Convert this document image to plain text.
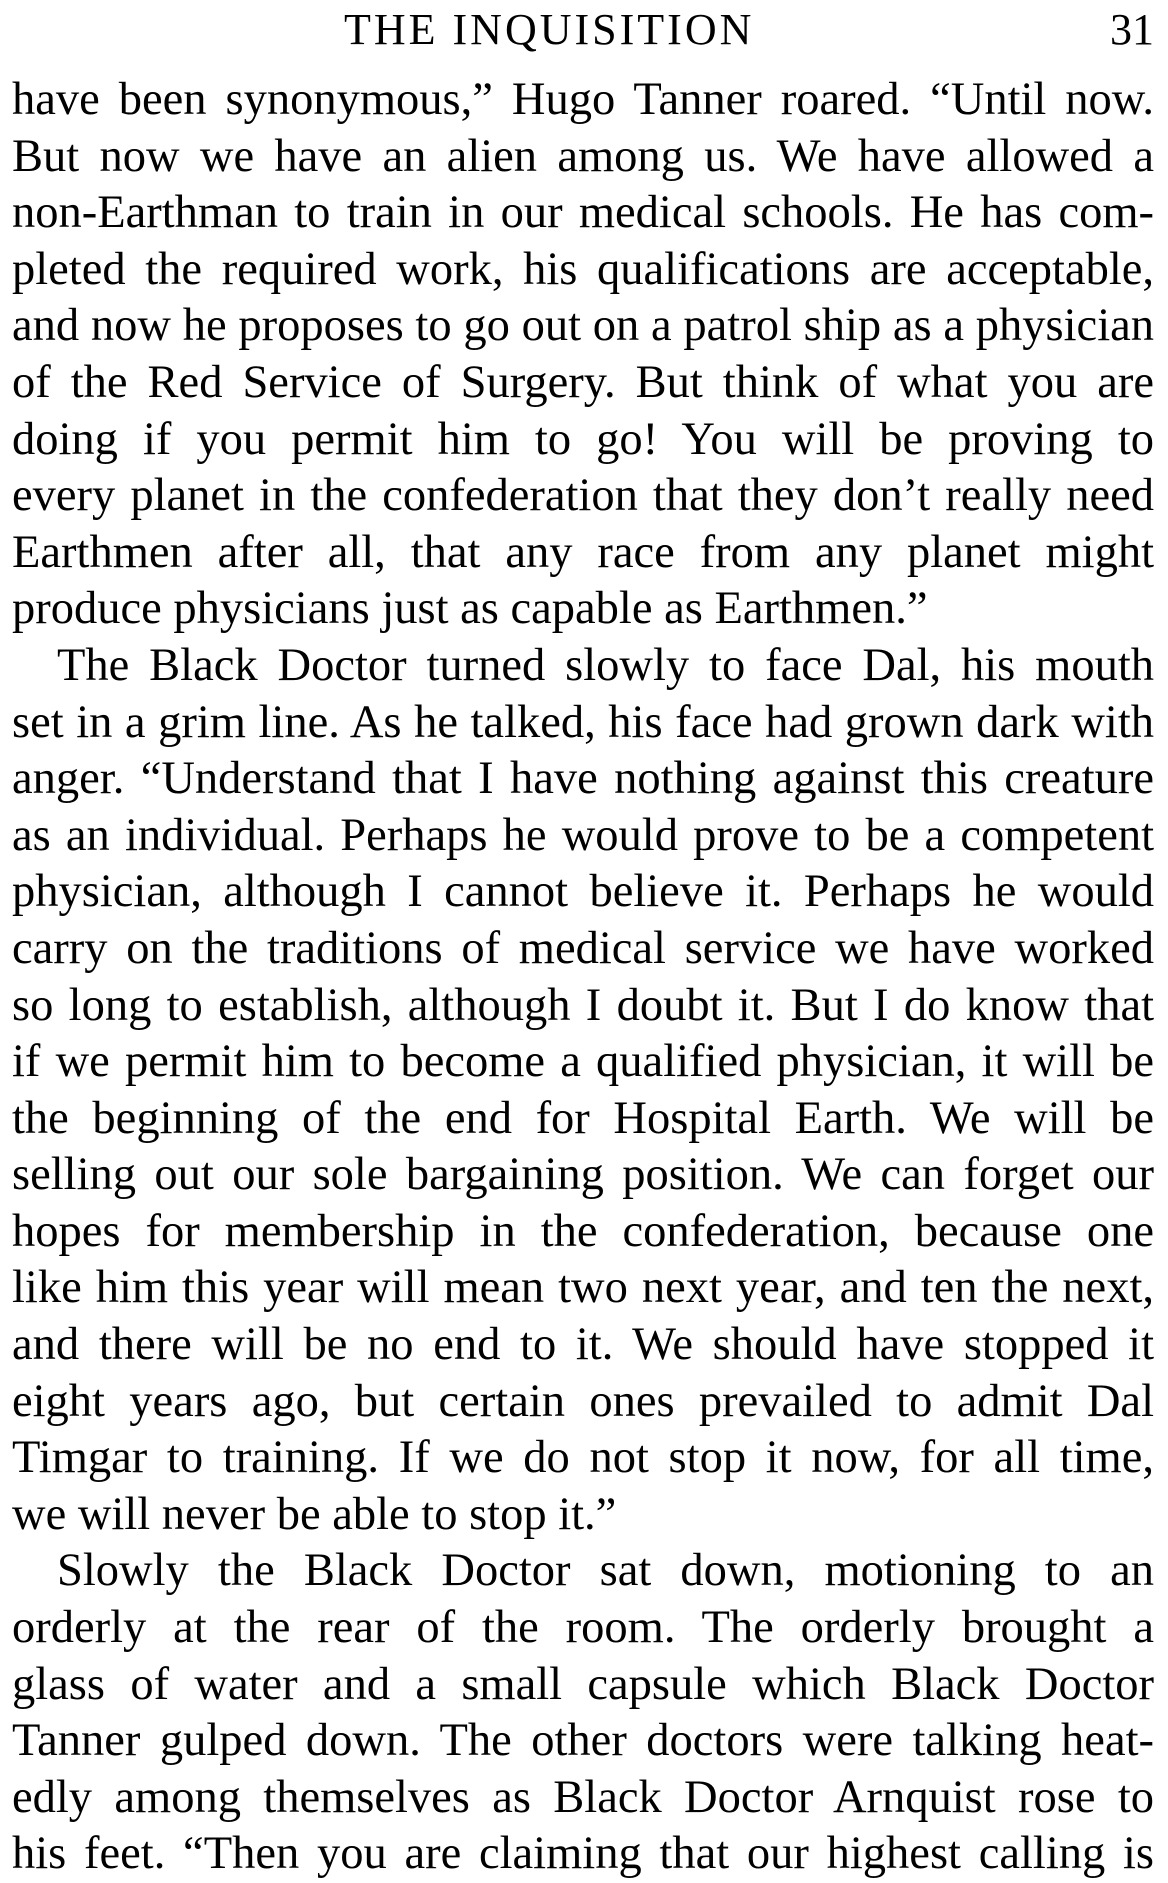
THE INQUISITION	31
have been synonymous,” Hugo Tanner roared. “Until now.
But now we have an alien among us. We have allowed a
non-Earthman to train in our medical schools. He has com-
pleted the required work, his qualifications are acceptable,
and now he proposes to go out on a patrol ship as a physician
of the Red Service of Surgery. But think of what you are
doing if you permit him to go! You will be proving to
every planet in the confederation that they don’t really need
Earthmen after all, that any race from any planet might
produce physicians just as capable as Earthmen.”
The Black Doctor turned slowly to face Dal, his mouth
set in a grim line. As he talked, his face had grown dark with
anger. “Understand that I have nothing against this creature
as an individual. Perhaps he would prove to be a competent
physician, although I cannot believe it. Perhaps he would
carry on the traditions of medical service we have worked
so long to establish, although I doubt it. But I do know that
if we permit him to become a qualified physician, it will be
the beginning of the end for Hospital Earth. We will be
selling out our sole bargaining position. We can forget our
hopes for membership in the confederation, because one
like him this year will mean two next year, and ten the next,
and there will be no end to it. We should have stopped it
eight years ago, but certain ones prevailed to admit Dal
Timgar to training. If we do not stop it now, for all time,
we will never be able to stop it.”
Slowly the Black Doctor sat down, motioning to an
orderly at the rear of the room. The orderly brought a
glass of water and a small capsule which Black Doctor
Tanner gulped down. The other doctors were talking heat-
edly among themselves as Black Doctor Arnquist rose to
his feet. “Then you are claiming that our highest calling is
